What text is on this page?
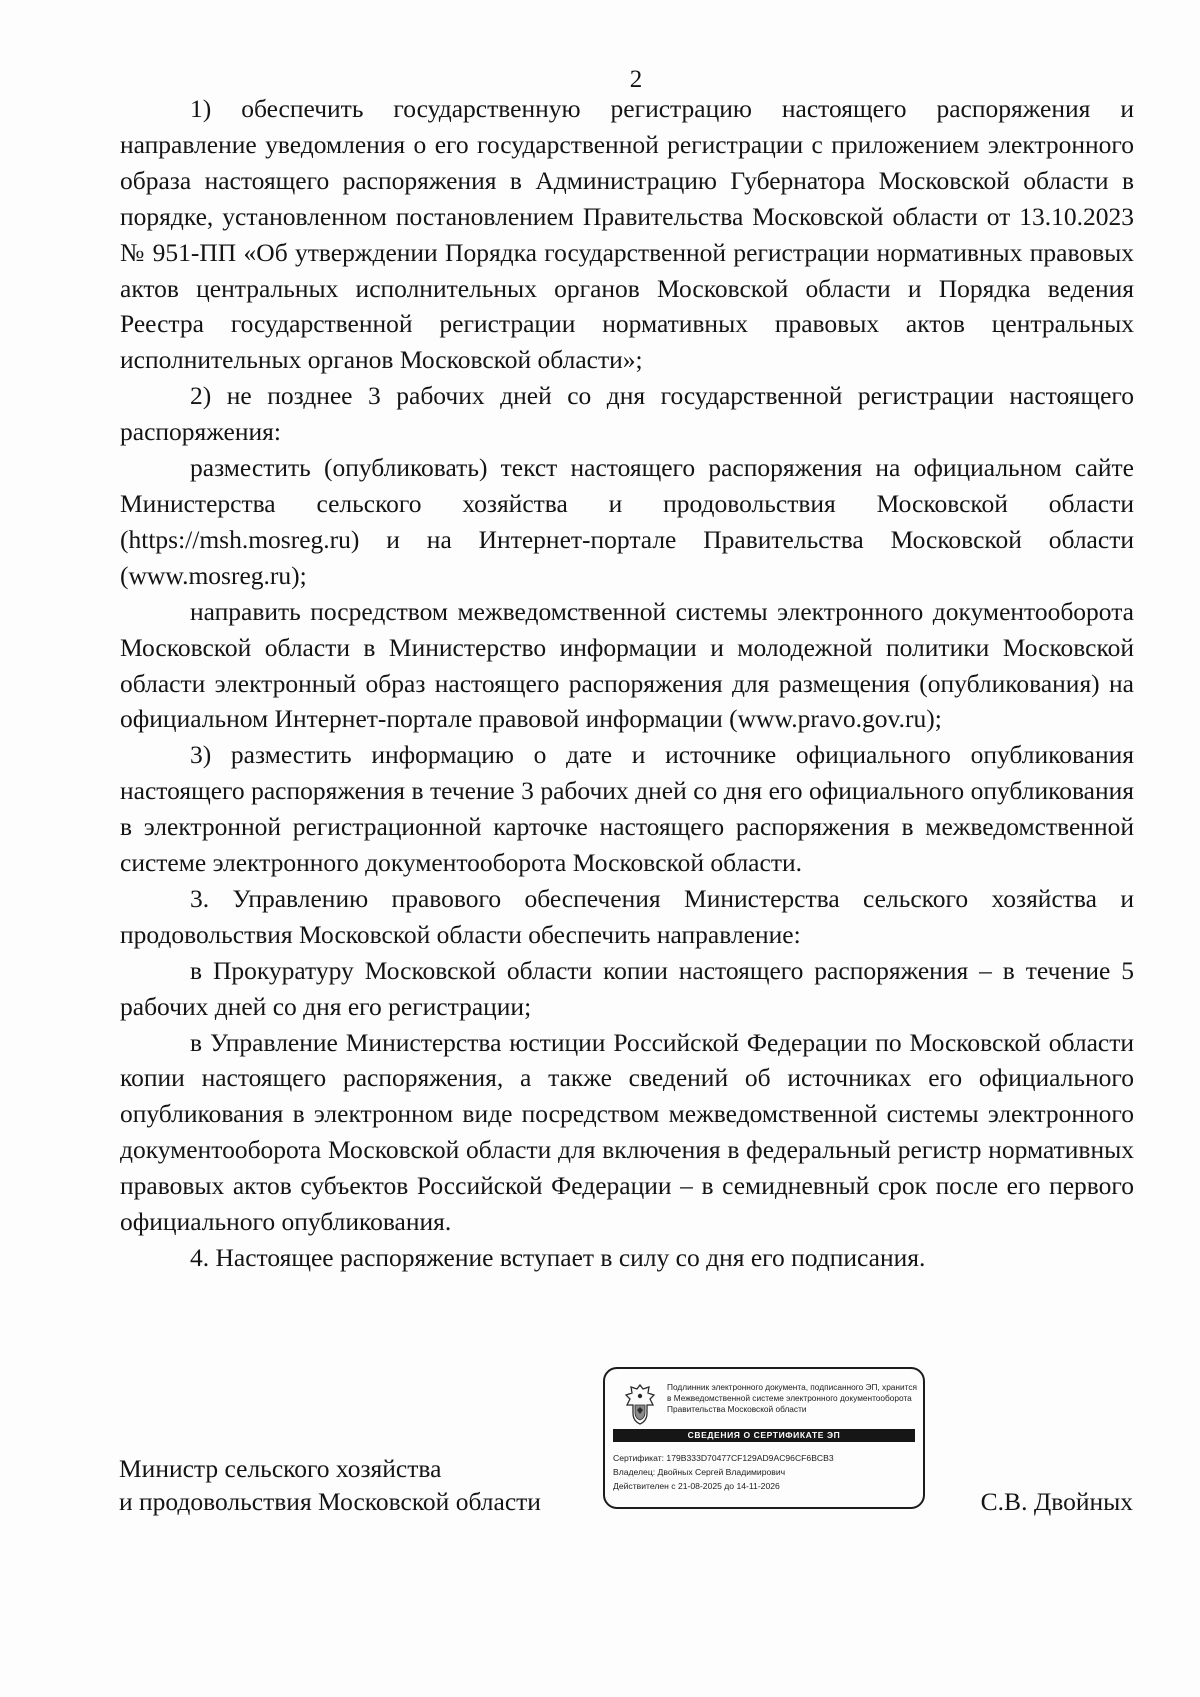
2

1) обеспечить государственную регистрацию настоящего распоряжения и направление уведомления о его государственной регистрации с приложением электронного образа настоящего распоряжения в Администрацию Губернатора Московской области в порядке, установленном постановлением Правительства Московской области от 13.10.2023 № 951-ПП «Об утверждении Порядка государственной регистрации нормативных правовых актов центральных исполнительных органов Московской области и Порядка ведения Реестра государственной регистрации нормативных правовых актов центральных исполнительных органов Московской области»;

2) не позднее 3 рабочих дней со дня государственной регистрации настоящего распоряжения:

разместить (опубликовать) текст настоящего распоряжения на официальном сайте Министерства сельского хозяйства и продовольствия Московской области (https://msh.mosreg.ru) и на Интернет-портале Правительства Московской области (www.mosreg.ru);

направить посредством межведомственной системы электронного документооборота Московской области в Министерство информации и молодежной политики Московской области электронный образ настоящего распоряжения для размещения (опубликования) на официальном Интернет-портале правовой информации (www.pravo.gov.ru);

3) разместить информацию о дате и источнике официального опубликования настоящего распоряжения в течение 3 рабочих дней со дня его официального опубликования в электронной регистрационной карточке настоящего распоряжения в межведомственной системе электронного документооборота Московской области.

3. Управлению правового обеспечения Министерства сельского хозяйства и продовольствия Московской области обеспечить направление:

в Прокуратуру Московской области копии настоящего распоряжения – в течение 5 рабочих дней со дня его регистрации;

в Управление Министерства юстиции Российской Федерации по Московской области копии настоящего распоряжения, а также сведений об источниках его официального опубликования в электронном виде посредством межведомственной системы электронного документооборота Московской области для включения в федеральный регистр нормативных правовых актов субъектов Российской Федерации – в семидневный срок после его первого официального опубликования.

4. Настоящее распоряжение вступает в силу со дня его подписания.

Министр сельского хозяйства
и продовольствия Московской области
Подлинник электронного документа, подписанного ЭП, хранится в Межведомственной системе электронного документооборота Правительства Московской области
СВЕДЕНИЯ О СЕРТИФИКАТЕ ЭП
Сертификат: 179B333D70477CF129AD9AC96CF6BCB3
Владелец: Двойных Сергей Владимирович
Действителен с 21-08-2025 до 14-11-2026
С.В. Двойных
